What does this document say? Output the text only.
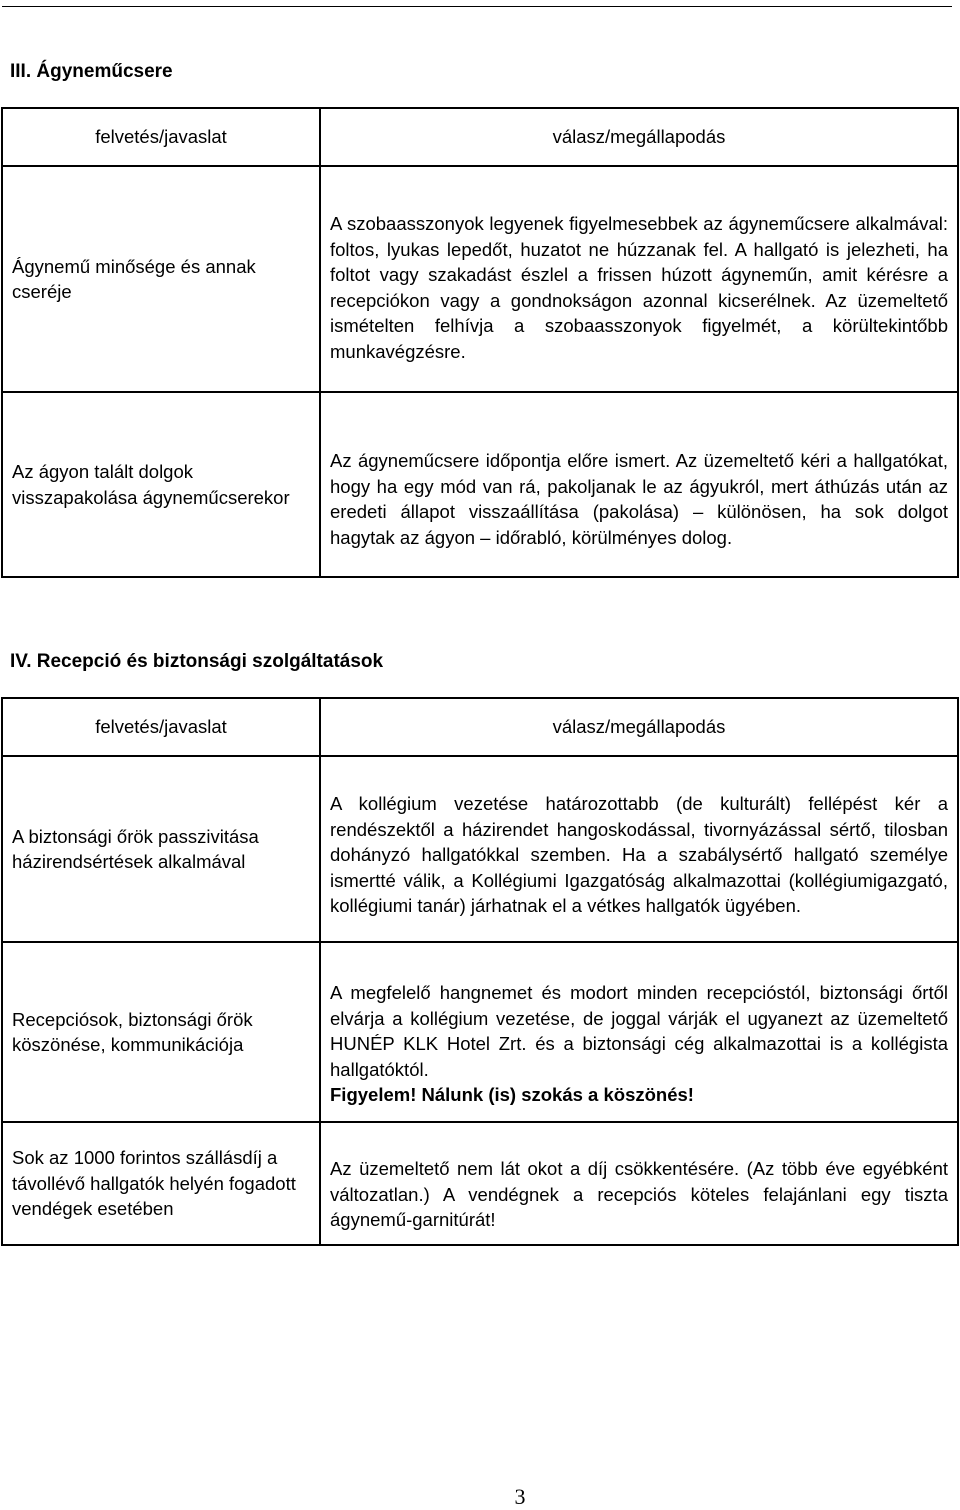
III. Ágyneműcsere
felvetés/javaslat	válasz/megállapodás
Ágynemű minősége és annak cseréje	A szobaasszonyok legyenek figyelmesebbek az ágyneműcsere alkalmával: foltos, lyukas lepedőt, huzatot ne húzzanak fel. A hallgató is jelezheti, ha foltot vagy szakadást észlel a frissen húzott ágyneműn, amit kérésre a recepciókon vagy a gondnokságon azonnal kicserélnek. Az üzemeltető ismételten felhívja a szobaasszonyok figyelmét, a körültekintőbb munkavégzésre.
Az ágyon talált dolgok visszapakolása ágyneműcserekor	Az ágyneműcsere időpontja előre ismert. Az üzemeltető kéri a hallgatókat, hogy ha egy mód van rá, pakoljanak le az ágyukról, mert áthúzás után az eredeti állapot visszaállítása (pakolása) – különösen, ha sok dolgot hagytak az ágyon – időrabló, körülményes dolog.
IV. Recepció és biztonsági szolgáltatások
felvetés/javaslat	válasz/megállapodás
A biztonsági őrök passzivitása házirendsértések alkalmával	A kollégium vezetése határozottabb (de kulturált) fellépést kér a rendészektől a házirendet hangoskodással, tivornyázással sértő, tilosban dohányzó hallgatókkal szemben. Ha a szabálysértő hallgató személye ismertté válik, a Kollégiumi Igazgatóság alkalmazottai (kollégiumigazgató, kollégiumi tanár) járhatnak el a vétkes hallgatók ügyében.
Recepciósok, biztonsági őrök köszönése, kommunikációja	A megfelelő hangnemet és modort minden recepcióstól, biztonsági őrtől elvárja a kollégium vezetése, de joggal várják el ugyanezt az üzemeltető HUNÉP KLK Hotel Zrt. és a biztonsági cég alkalmazottai is a kollégista hallgatóktól.
Figyelem! Nálunk (is) szokás a köszönés!
Sok az 1000 forintos szállásdíj a távollévő hallgatók helyén fogadott vendégek esetében	Az üzemeltető nem lát okot a díj csökkentésére. (Az több éve egyébként változatlan.) A vendégnek a recepciós köteles felajánlani egy tiszta ágynemű-garnitúrát!
3
